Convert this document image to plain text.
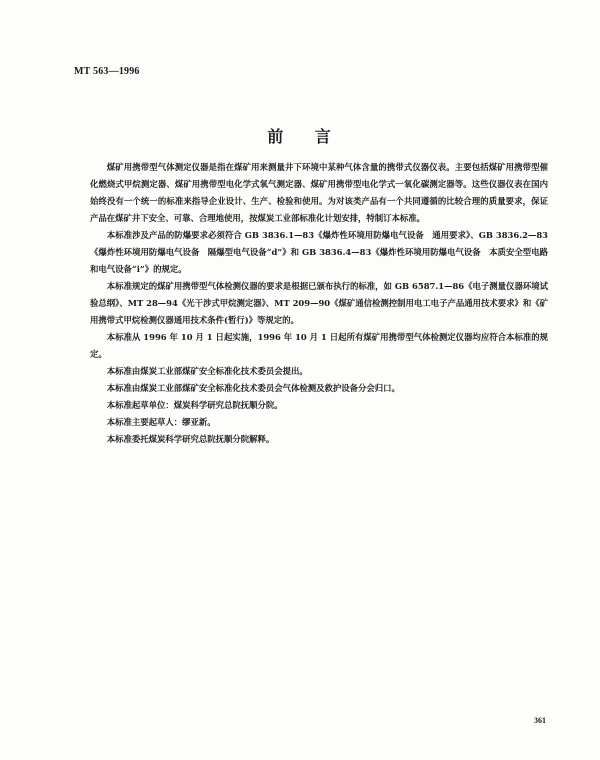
MT 563—1996
前 言

煤矿用携带型气体测定仪器是指在煤矿用来测量井下环境中某种气体含量的携带式仪器仪表。主要包括煤矿用携带型催化燃烧式甲烷测定器、煤矿用携带型电化学式氧气测定器、煤矿用携带型电化学式一氧化碳测定器等。这些仪器仪表在国内始终没有一个统一的标准来指导企业设计、生产、检验和使用。为对该类产品有一个共同遵循的比较合理的质量要求，保证产品在煤矿井下安全、可靠、合理地使用，按煤炭工业部标准化计划安排，特制订本标准。

本标准涉及产品的防爆要求必须符合 GB 3836.1—83《爆炸性环境用防爆电气设备　通用要求》、GB 3836.2—83《爆炸性环境用防爆电气设备　隔爆型电气设备“d”》和 GB 3836.4—83《爆炸性环境用防爆电气设备　本质安全型电路和电气设备“i”》的规定。

本标准规定的煤矿用携带型气体检测仪器的要求是根据已颁布执行的标准，如 GB 6587.1—86《电子测量仪器环境试验总纲》、MT 28—94《光干涉式甲烷测定器》、MT 209—90《煤矿通信检测控制用电工电子产品通用技术要求》和《矿用携带式甲烷检测仪器通用技术条件(暂行)》等规定的。

本标准从 1996 年 10 月 1 日起实施，1996 年 10 月 1 日起所有煤矿用携带型气体检测定仪器均应符合本标准的规定。

本标准由煤炭工业部煤矿安全标准化技术委员会提出。

本标准由煤炭工业部煤矿安全标准化技术委员会气体检测及救护设备分会归口。

本标准起草单位：煤炭科学研究总院抚顺分院。

本标准主要起草人：缪亚新。

本标准委托煤炭科学研究总院抚顺分院解释。

361
